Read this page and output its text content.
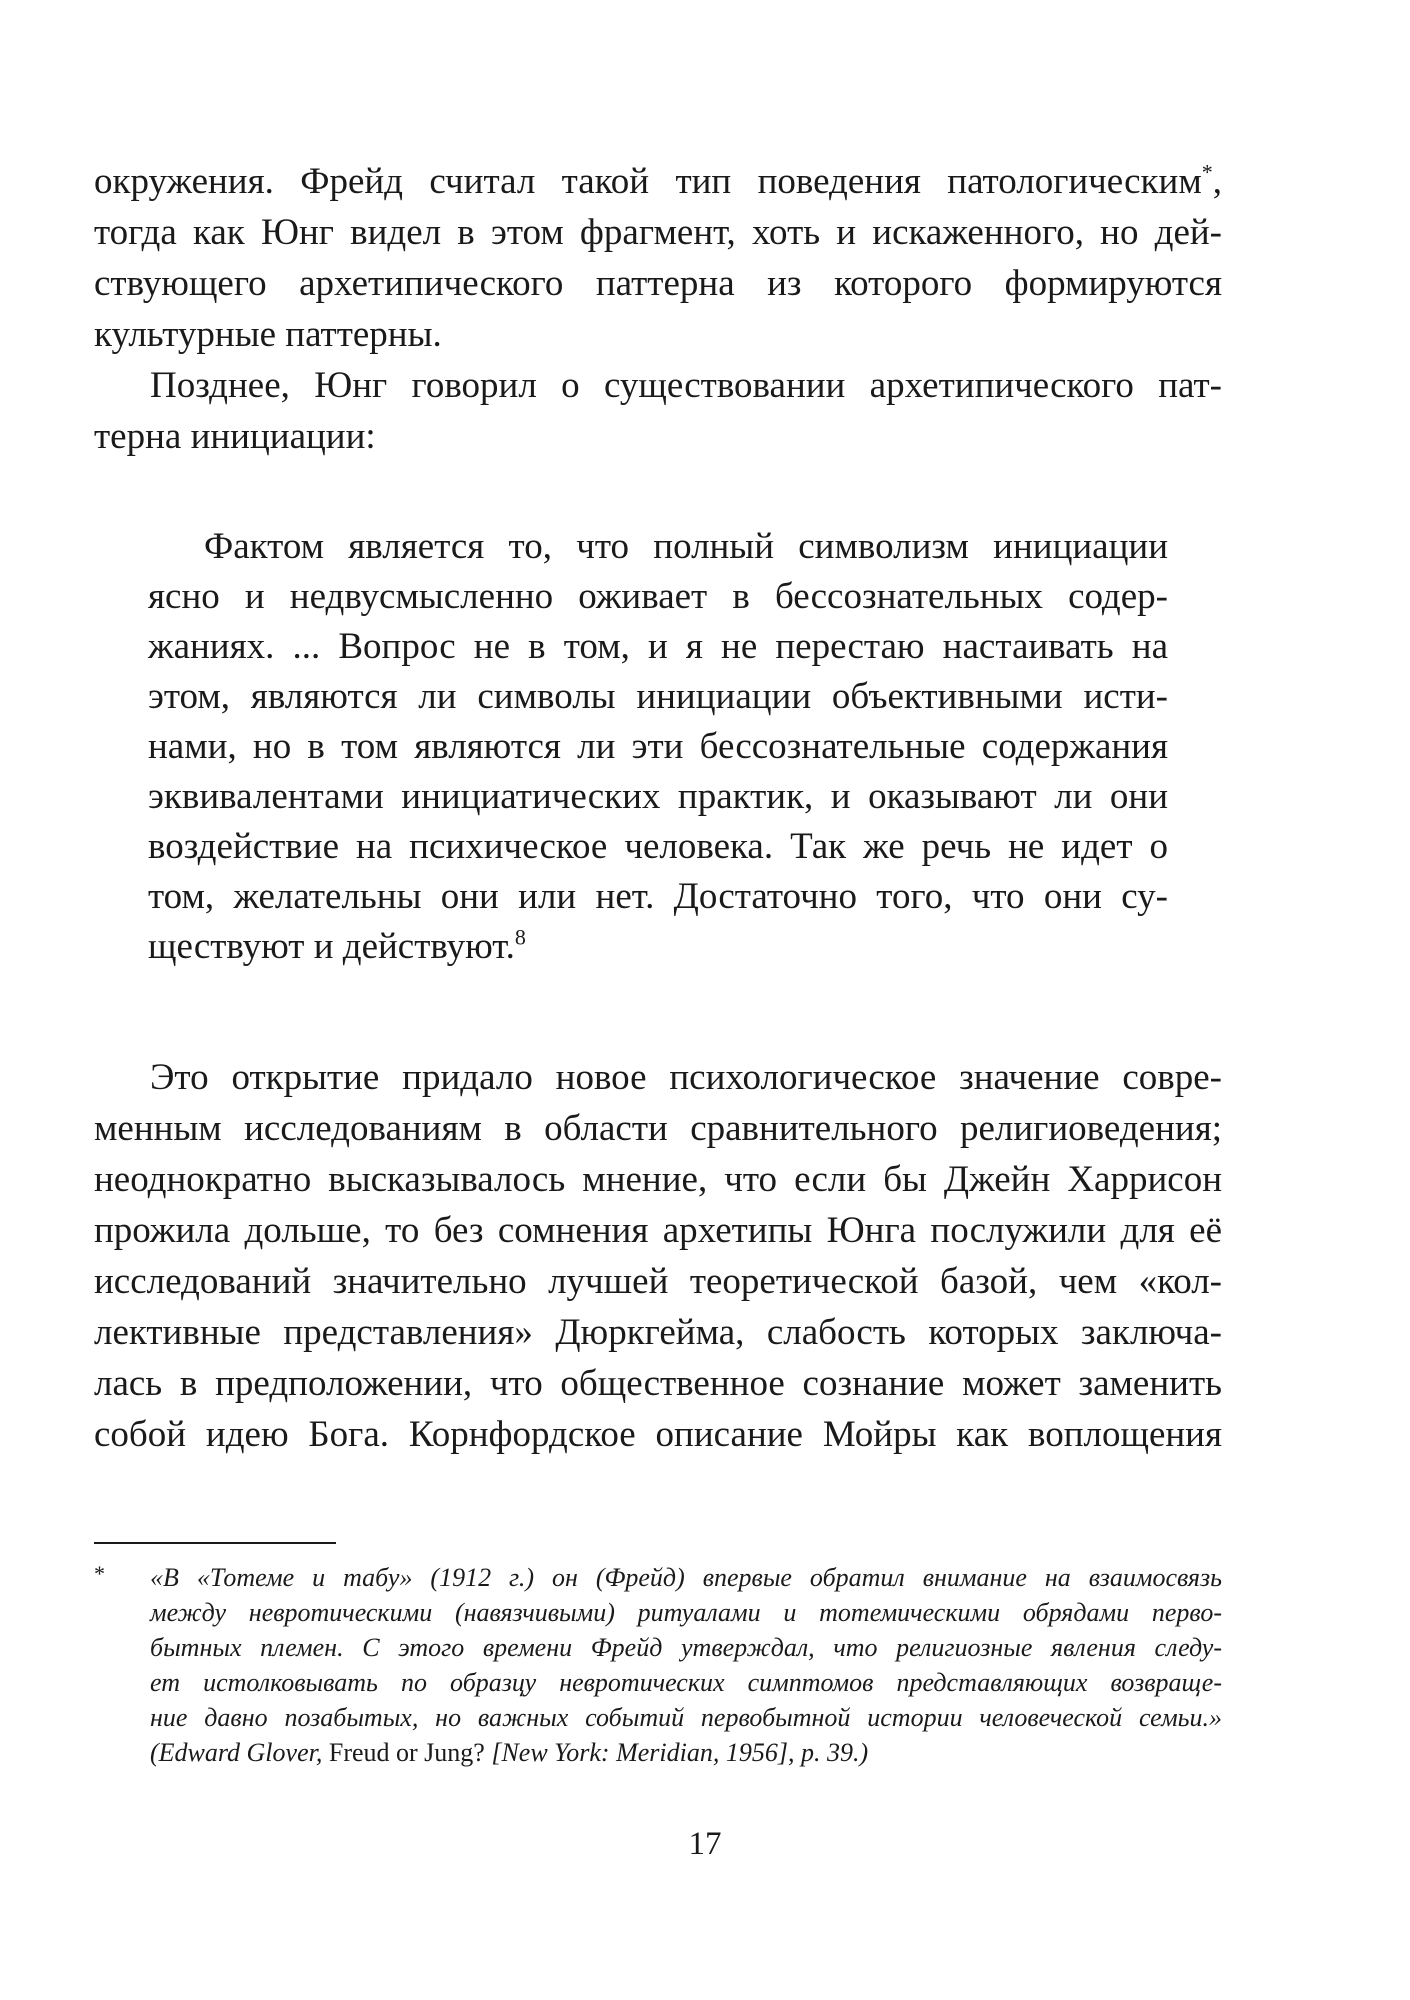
окружения. Фрейд считал такой тип поведения патологическим*,
тогда как Юнг видел в этом фрагмент, хоть и искаженного, но дей-
ствующего архетипического паттерна из которого формируются
культурные паттерны.
Позднее, Юнг говорил о существовании архетипического пат-
терна инициации:
Фактом является то, что полный символизм инициации
ясно и недвусмысленно оживает в бессознательных содер-
жаниях. ... Вопрос не в том, и я не перестаю настаивать на
этом, являются ли символы инициации объективными исти-
нами, но в том являются ли эти бессознательные содержания
эквивалентами инициатических практик, и оказывают ли они
воздействие на психическое человека. Так же речь не идет о
том, желательны они или нет. Достаточно того, что они су-
ществуют и действуют.$^8$
Это открытие придало новое психологическое значение совре-
менным исследованиям в области сравнительного религиоведения;
неоднократно высказывалось мнение, что если бы Джейн Харрисон
прожила дольше, то без сомнения архетипы Юнга послужили для её
исследований значительно лучшей теоретической базой, чем «кол-
лективные представления» Дюркгейма, слабость которых заключа-
лась в предположении, что общественное сознание может заменить
собой идею Бога. Корнфордское описание Мойры как воплощения
* «В «Тотеме и табу» (1912 г.) он (Фрейд) впервые обратил внимание на взаимосвязь
между невротическими (навязчивыми) ритуалами и тотемическими обрядами перво-
бытных племен. С этого времени Фрейд утверждал, что религиозные явления следу-
ет истолковывать по образцу невротических симптомов представляющих возвраще-
ние давно позабытых, но важных событий первобытной истории человеческой семьи.»
(Edward Glover, Freud or Jung? [New York: Meridian, 1956], p. 39.)
17
